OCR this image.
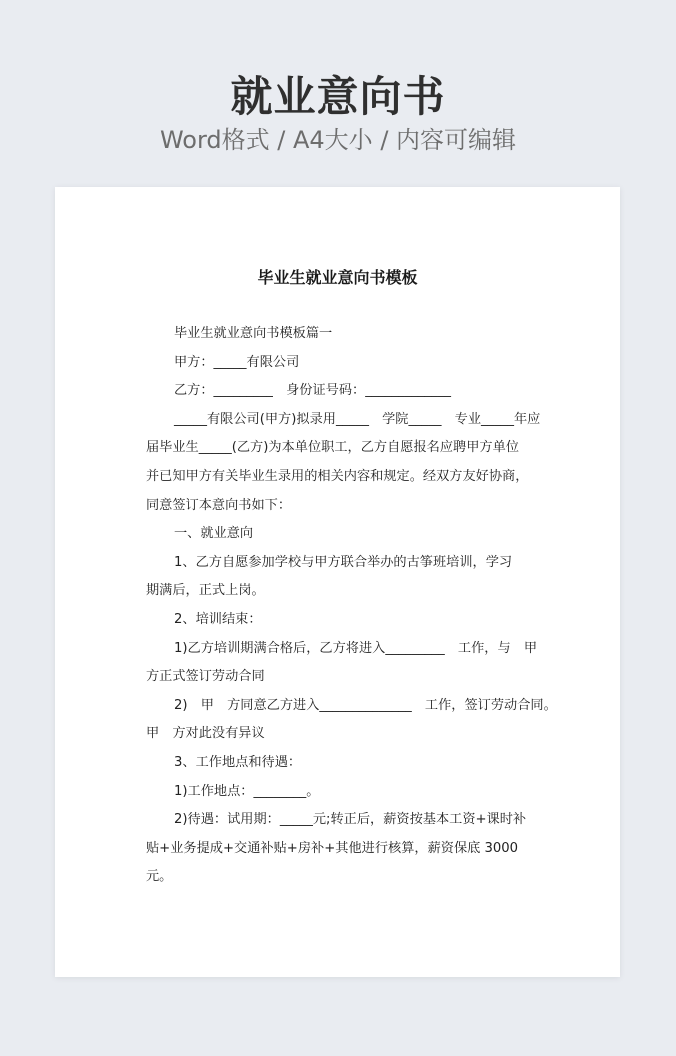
就业意向书
Word格式 / A4大小 / 内容可编辑
毕业生就业意向书模板
毕业生就业意向书模板篇一
甲方：_____有限公司
乙方：_________　身份证号码：_____________
_____有限公司(甲方)拟录用_____　学院_____　专业_____年应
届毕业生_____(乙方)为本单位职工，乙方自愿报名应聘甲方单位
并已知甲方有关毕业生录用的相关内容和规定。经双方友好协商，
同意签订本意向书如下：
一、就业意向
1、乙方自愿参加学校与甲方联合举办的古筝班培训，学习
期满后，正式上岗。
2、培训结束：
1)乙方培训期满合格后，乙方将进入_________　工作，与　甲
方正式签订劳动合同
2)　甲　方同意乙方进入______________　工作，签订劳动合同。
甲　方对此没有异议
3、工作地点和待遇：
1)工作地点：________。
2)待遇：试用期：_____元;转正后，薪资按基本工资+课时补
贴+业务提成+交通补贴+房补+其他进行核算，薪资保底 3000
元。
